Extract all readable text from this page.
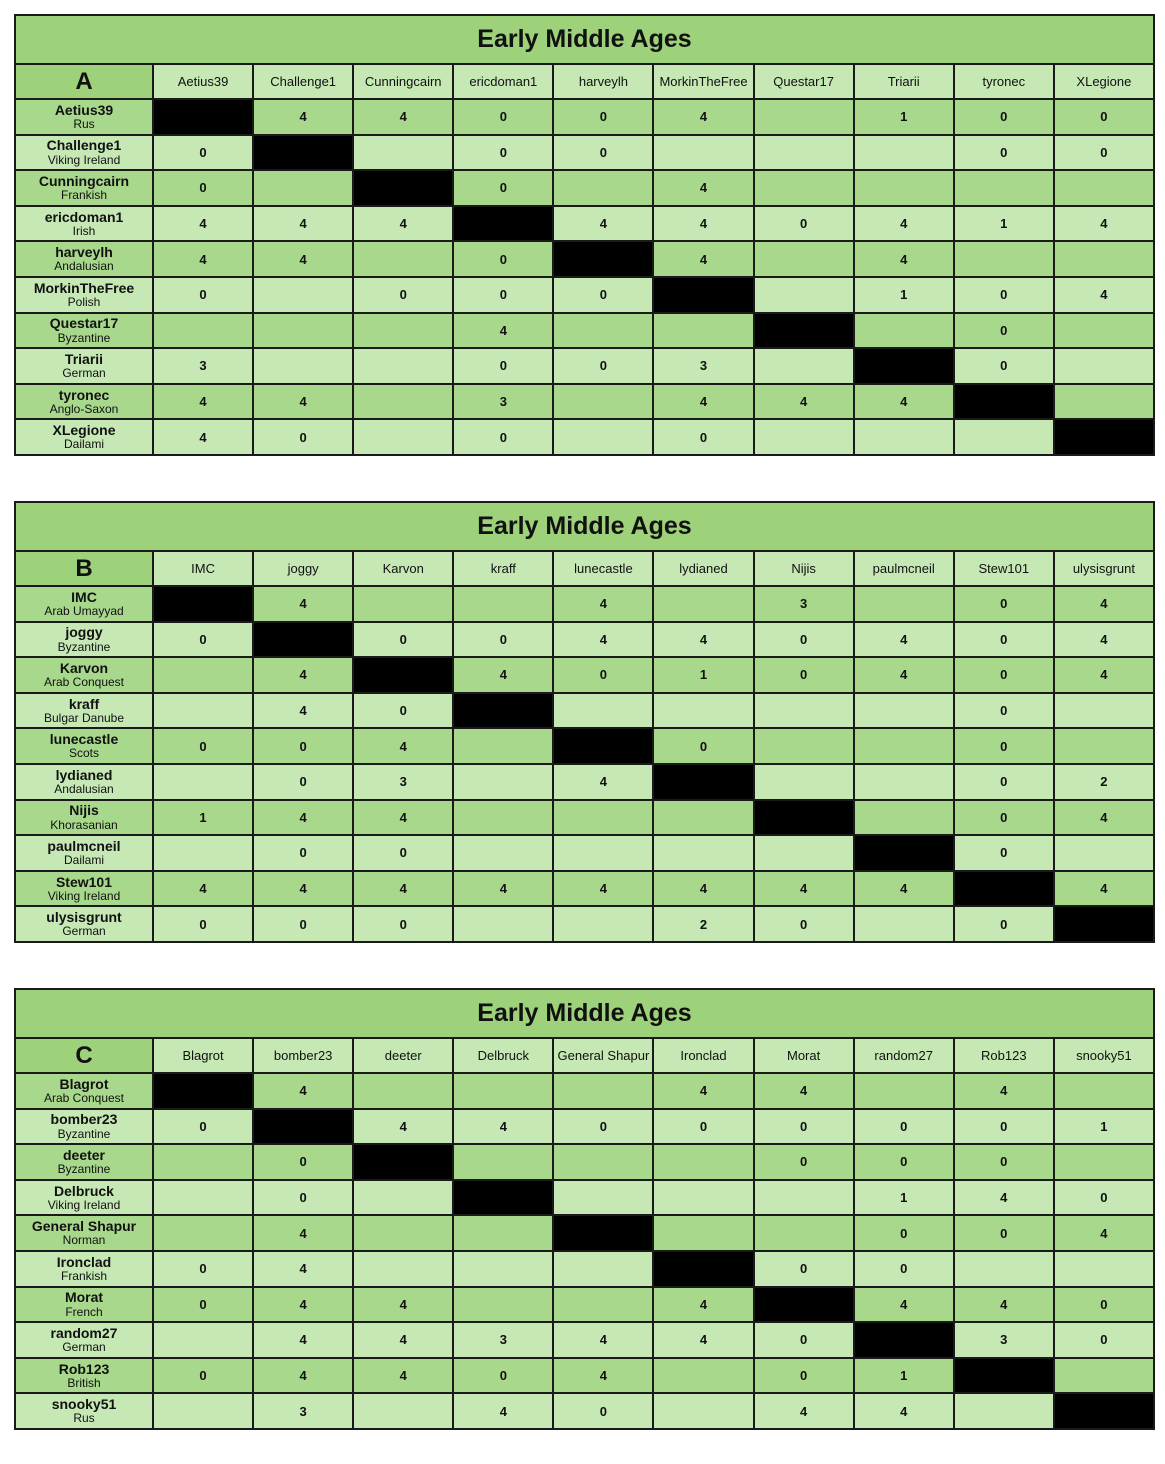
Early Middle Ages										
A	Aetius39	Challenge1	Cunningcairn	ericdoman1	harveylh	MorkinTheFree	Questar17	Triarii	tyronec	XLegione

Aetius39
Rus		4	4	0	0	4		1	0	0

Challenge1
Viking Ireland	0			0	0				0	0

Cunningcairn
Frankish	0			0		4				

ericdoman1
Irish	4	4	4		4	4	0	4	1	4

harveylh
Andalusian	4	4		0		4		4		

MorkinTheFree
Polish	0		0	0	0			1	0	4

Questar17
Byzantine				4					0	

Triarii
German	3			0	0	3			0	

tyronec
Anglo-Saxon	4	4		3		4	4	4		

XLegione
Dailami	4	0		0		0				
Early Middle Ages										
B	IMC	joggy	Karvon	kraff	lunecastle	lydianed	Nijis	paulmcneil	Stew101	ulysisgrunt

IMC
Arab Umayyad		4			4		3		0	4

joggy
Byzantine	0		0	0	4	4	0	4	0	4

Karvon
Arab Conquest		4		4	0	1	0	4	0	4

kraff
Bulgar Danube		4	0						0	

lunecastle
Scots	0	0	4			0			0	

lydianed
Andalusian		0	3		4				0	2

Nijis
Khorasanian	1	4	4						0	4

paulmcneil
Dailami		0	0						0	

Stew101
Viking Ireland	4	4	4	4	4	4	4	4		4

ulysisgrunt
German	0	0	0			2	0		0	
Early Middle Ages										
C	Blagrot	bomber23	deeter	Delbruck	General Shapur	Ironclad	Morat	random27	Rob123	snooky51

Blagrot
Arab Conquest		4				4	4		4	

bomber23
Byzantine	0		4	4	0	0	0	0	0	1

deeter
Byzantine		0					0	0	0	

Delbruck
Viking Ireland		0						1	4	0

General Shapur
Norman		4						0	0	4

Ironclad
Frankish	0	4					0	0		

Morat
French	0	4	4			4		4	4	0

random27
German		4	4	3	4	4	0		3	0

Rob123
British	0	4	4	0	4		0	1		

snooky51
Rus		3		4	0		4	4		
